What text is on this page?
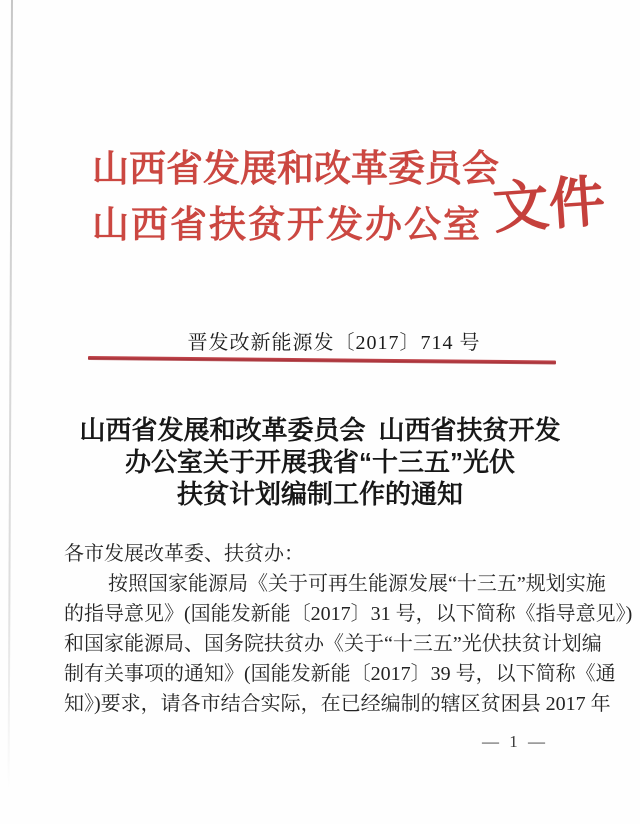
山西省发展和改革委员会
山西省扶贫开发办公室 文件
晋发改新能源发〔2017〕714 号
山西省发展和改革委员会 山西省扶贫开发
办公室关于开展我省“十三五”光伏
扶贫计划编制工作的通知
各市发展改革委、扶贫办：
按照国家能源局《关于可再生能源发展“十三五”规划实施
的指导意见》(国能发新能〔2017〕31 号，以下简称《指导意见》)
和国家能源局、国务院扶贫办《关于“十三五”光伏扶贫计划编
制有关事项的通知》(国能发新能〔2017〕39 号，以下简称《通
知》)要求，请各市结合实际，在已经编制的辖区贫困县 2017 年
— 1 —
